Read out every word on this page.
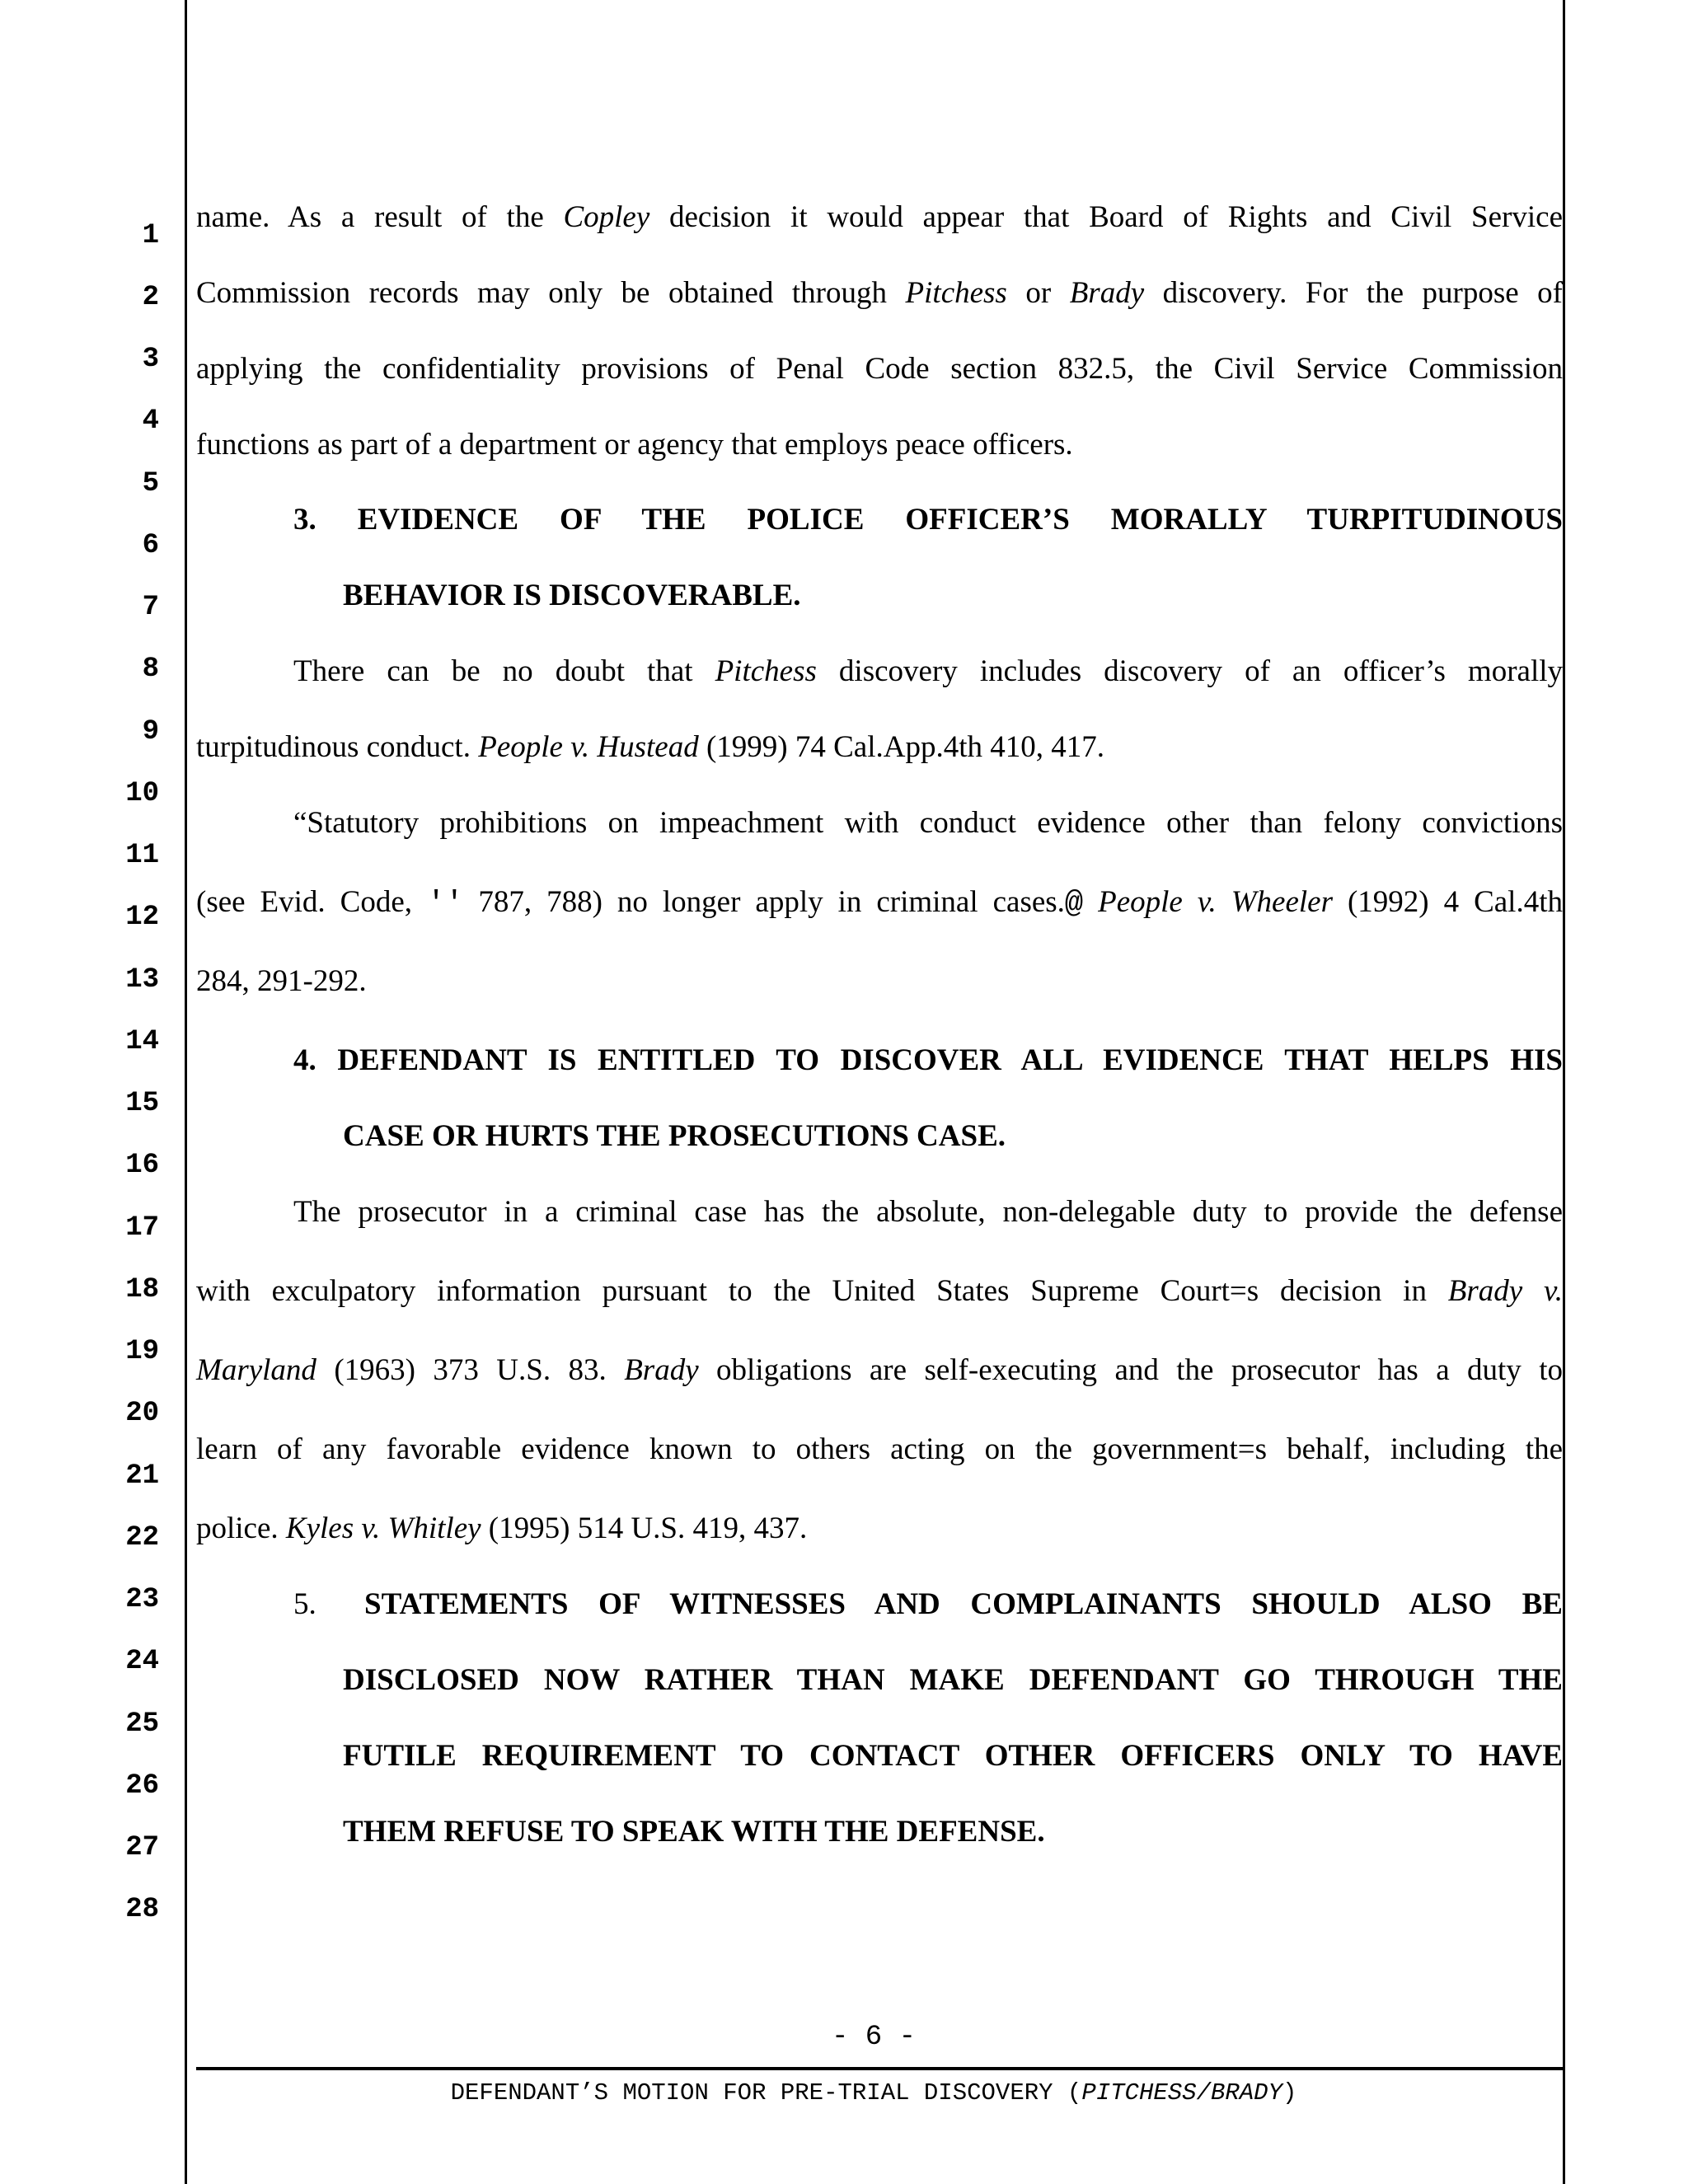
1
2
3
4
5
6
7
8
9
10
11
12
13
14
15
16
17
18
19
20
21
22
23
24
25
26
27
28
name. As a result of the Copley decision it would appear that Board of Rights and Civil Service
Commission records may only be obtained through Pitchess or Brady discovery. For the purpose of
applying the confidentiality provisions of Penal Code section 832.5, the Civil Service Commission
functions as part of a department or agency that employs peace officers.
3. EVIDENCE OF THE POLICE OFFICER’S MORALLY TURPITUDINOUS
BEHAVIOR IS DISCOVERABLE.
There can be no doubt that Pitchess discovery includes discovery of an officer’s morally
turpitudinous conduct. People v. Hustead (1999) 74 Cal.App.4th 410, 417.
“Statutory prohibitions on impeachment with conduct evidence other than felony convictions
(see Evid. Code, '' 787, 788) no longer apply in criminal cases.@ People v. Wheeler (1992) 4 Cal.4th
284, 291-292.
4. DEFENDANT IS ENTITLED TO DISCOVER ALL EVIDENCE THAT HELPS HIS
CASE OR HURTS THE PROSECUTIONS CASE.
The prosecutor in a criminal case has the absolute, non-delegable duty to provide the defense
with exculpatory information pursuant to the United States Supreme Court=s decision in Brady v.
Maryland (1963) 373 U.S. 83. Brady obligations are self-executing and the prosecutor has a duty to
learn of any favorable evidence known to others acting on the government=s behalf, including the
police. Kyles v. Whitley (1995) 514 U.S. 419, 437.
5.	STATEMENTS OF WITNESSES AND COMPLAINANTS SHOULD ALSO BE
DISCLOSED NOW RATHER THAN MAKE DEFENDANT GO THROUGH THE
FUTILE REQUIREMENT TO CONTACT OTHER OFFICERS ONLY TO HAVE
THEM REFUSE TO SPEAK WITH THE DEFENSE.
- 6 -
DEFENDANT’S MOTION FOR PRE-TRIAL DISCOVERY (PITCHESS/BRADY)
